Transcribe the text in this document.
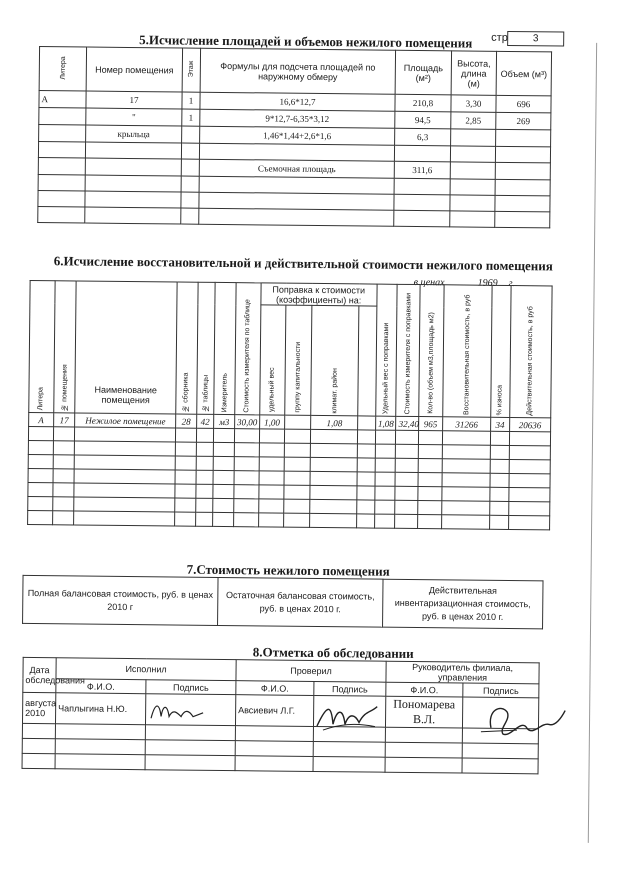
стр	3
5.Исчисление площадей и объемов нежилого помещения
Литера	Номер помещения	Этаж	Формулы для подсчета площадей по наружному обмеру	Площадь (м²)	Высота, длина (м)	Объем (м³)
А	17	1	16,6*12,7	210,8	3,30	696
	"	1	9*12,7-6,35*3,12	94,5	2,85	269
	крыльца		1,46*1,44+2,6*1,6	6,3		

			Съемочная площадь	311,6		

6.Исчисление восстановительной и действительной стоимости нежилого помещения
в ценах	1969 г.
Литера	№ помещения	Наименование помещения	№ сборника	№ таблицы	Измеритель	Стоимость измерителя по таблице	Поправка к стоимости (коэффициенты) на:				Удельный вес с поправками	Стоимость измерителя с поправками	Кол-во (объем м3,площадь м2)	Восстановительная стоимость, в руб	% износа	Действительная стоимость, в руб
							удельный вес	группу капитальности	климат. район							
А	17	Нежилое помещение	28	42	м3	30,00	1,00		1,08		1,08	32,40	965	31266	34	20636

7.Стоимость нежилого помещения
Полная балансовая стоимость, руб. в ценах 2010 г	Остаточная балансовая стоимость, руб. в ценах 2010 г.	Действительная инвентаризационная стоимость, руб. в ценах 2010 г.
8.Отметка об обследовании
Дата обследования	Исполнил		Проверил		Руководитель филиала, управления	
	Ф.И.О.	Подпись	Ф.И.О.	Подпись	Ф.И.О.	Подпись
августа 2010	Чаплыгина Н.Ю.		Авсиевич Л.Г.		Пономарева В.Л.	
